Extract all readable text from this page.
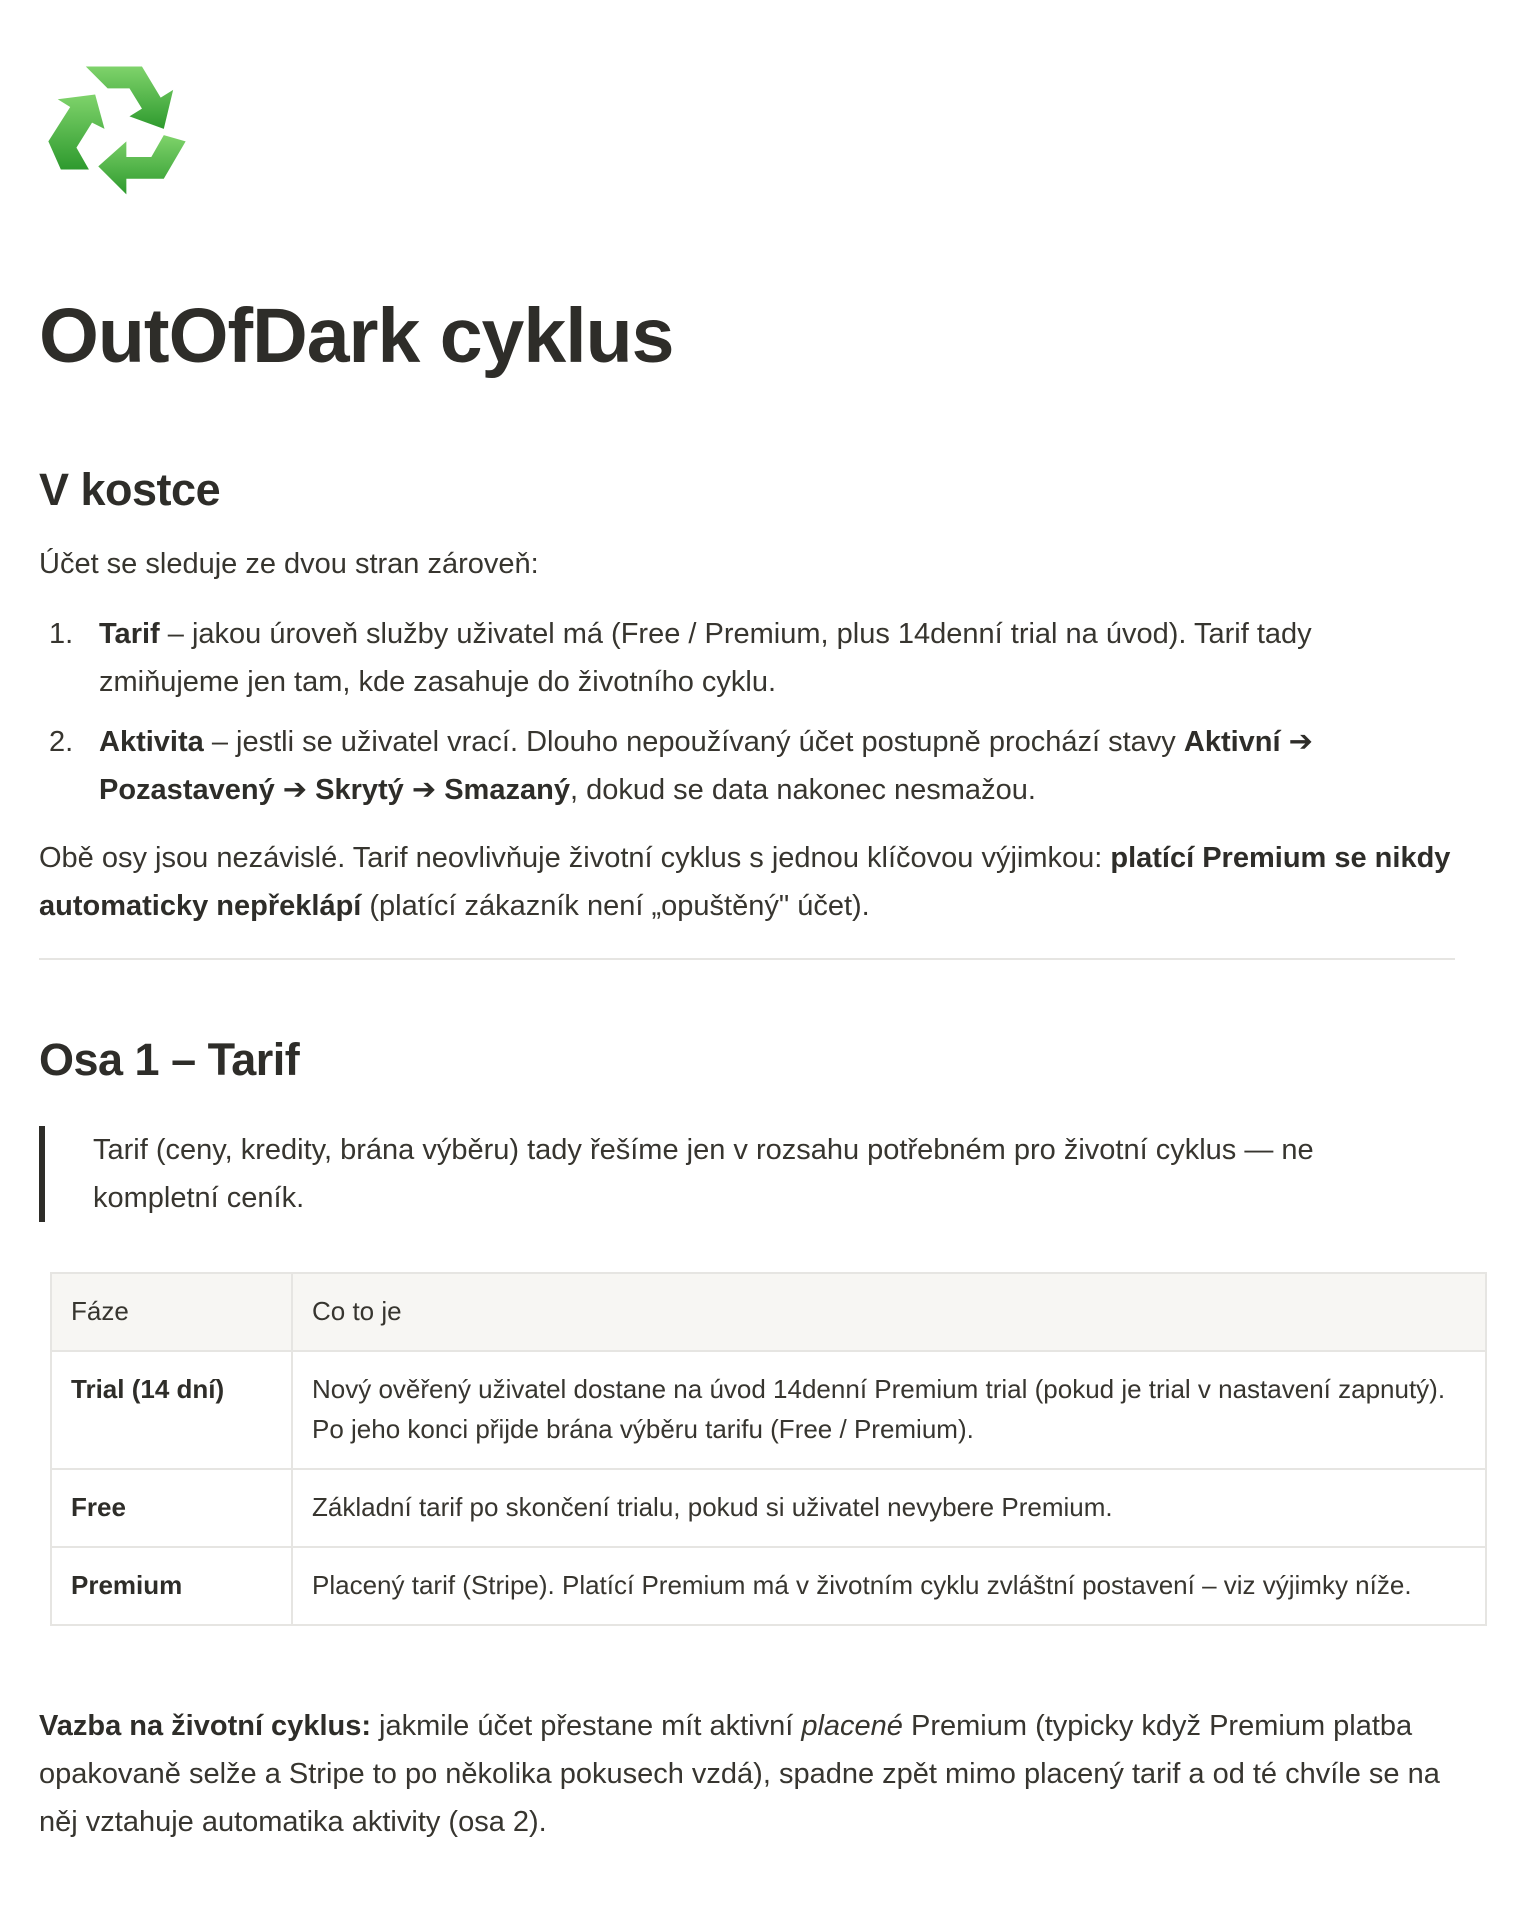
OutOfDark cyklus
V kostce

Účet se sleduje ze dvou stran zároveň:

1. Tarif – jakou úroveň služby uživatel má (Free / Premium, plus 14denní trial na úvod). Tarif tady zmiňujeme jen tam, kde zasahuje do životního cyklu.
2. Aktivita – jestli se uživatel vrací. Dlouho nepoužívaný účet postupně prochází stavy Aktivní ➔ Pozastavený ➔ Skrytý ➔ Smazaný, dokud se data nakonec nesmažou.

Obě osy jsou nezávislé. Tarif neovlivňuje životní cyklus s jednou klíčovou výjimkou: platící Premium se nikdy automaticky nepřeklápí (platící zákazník není „opuštěný" účet).

Osa 1 – Tarif
Tarif (ceny, kredity, brána výběru) tady řešíme jen v rozsahu potřebném pro životní cyklus — ne kompletní ceník.
Fáze	Co to je
Trial (14 dní)	Nový ověřený uživatel dostane na úvod 14denní Premium trial (pokud je trial v nastavení zapnutý). Po jeho konci přijde brána výběru tarifu (Free / Premium).
Free	Základní tarif po skončení trialu, pokud si uživatel nevybere Premium.
Premium	Placený tarif (Stripe). Platící Premium má v životním cyklu zvláštní postavení – viz výjimky níže.

Vazba na životní cyklus: jakmile účet přestane mít aktivní placené Premium (typicky když Premium platba opakovaně selže a Stripe to po několika pokusech vzdá), spadne zpět mimo placený tarif a od té chvíle se na něj vztahuje automatika aktivity (osa 2).
